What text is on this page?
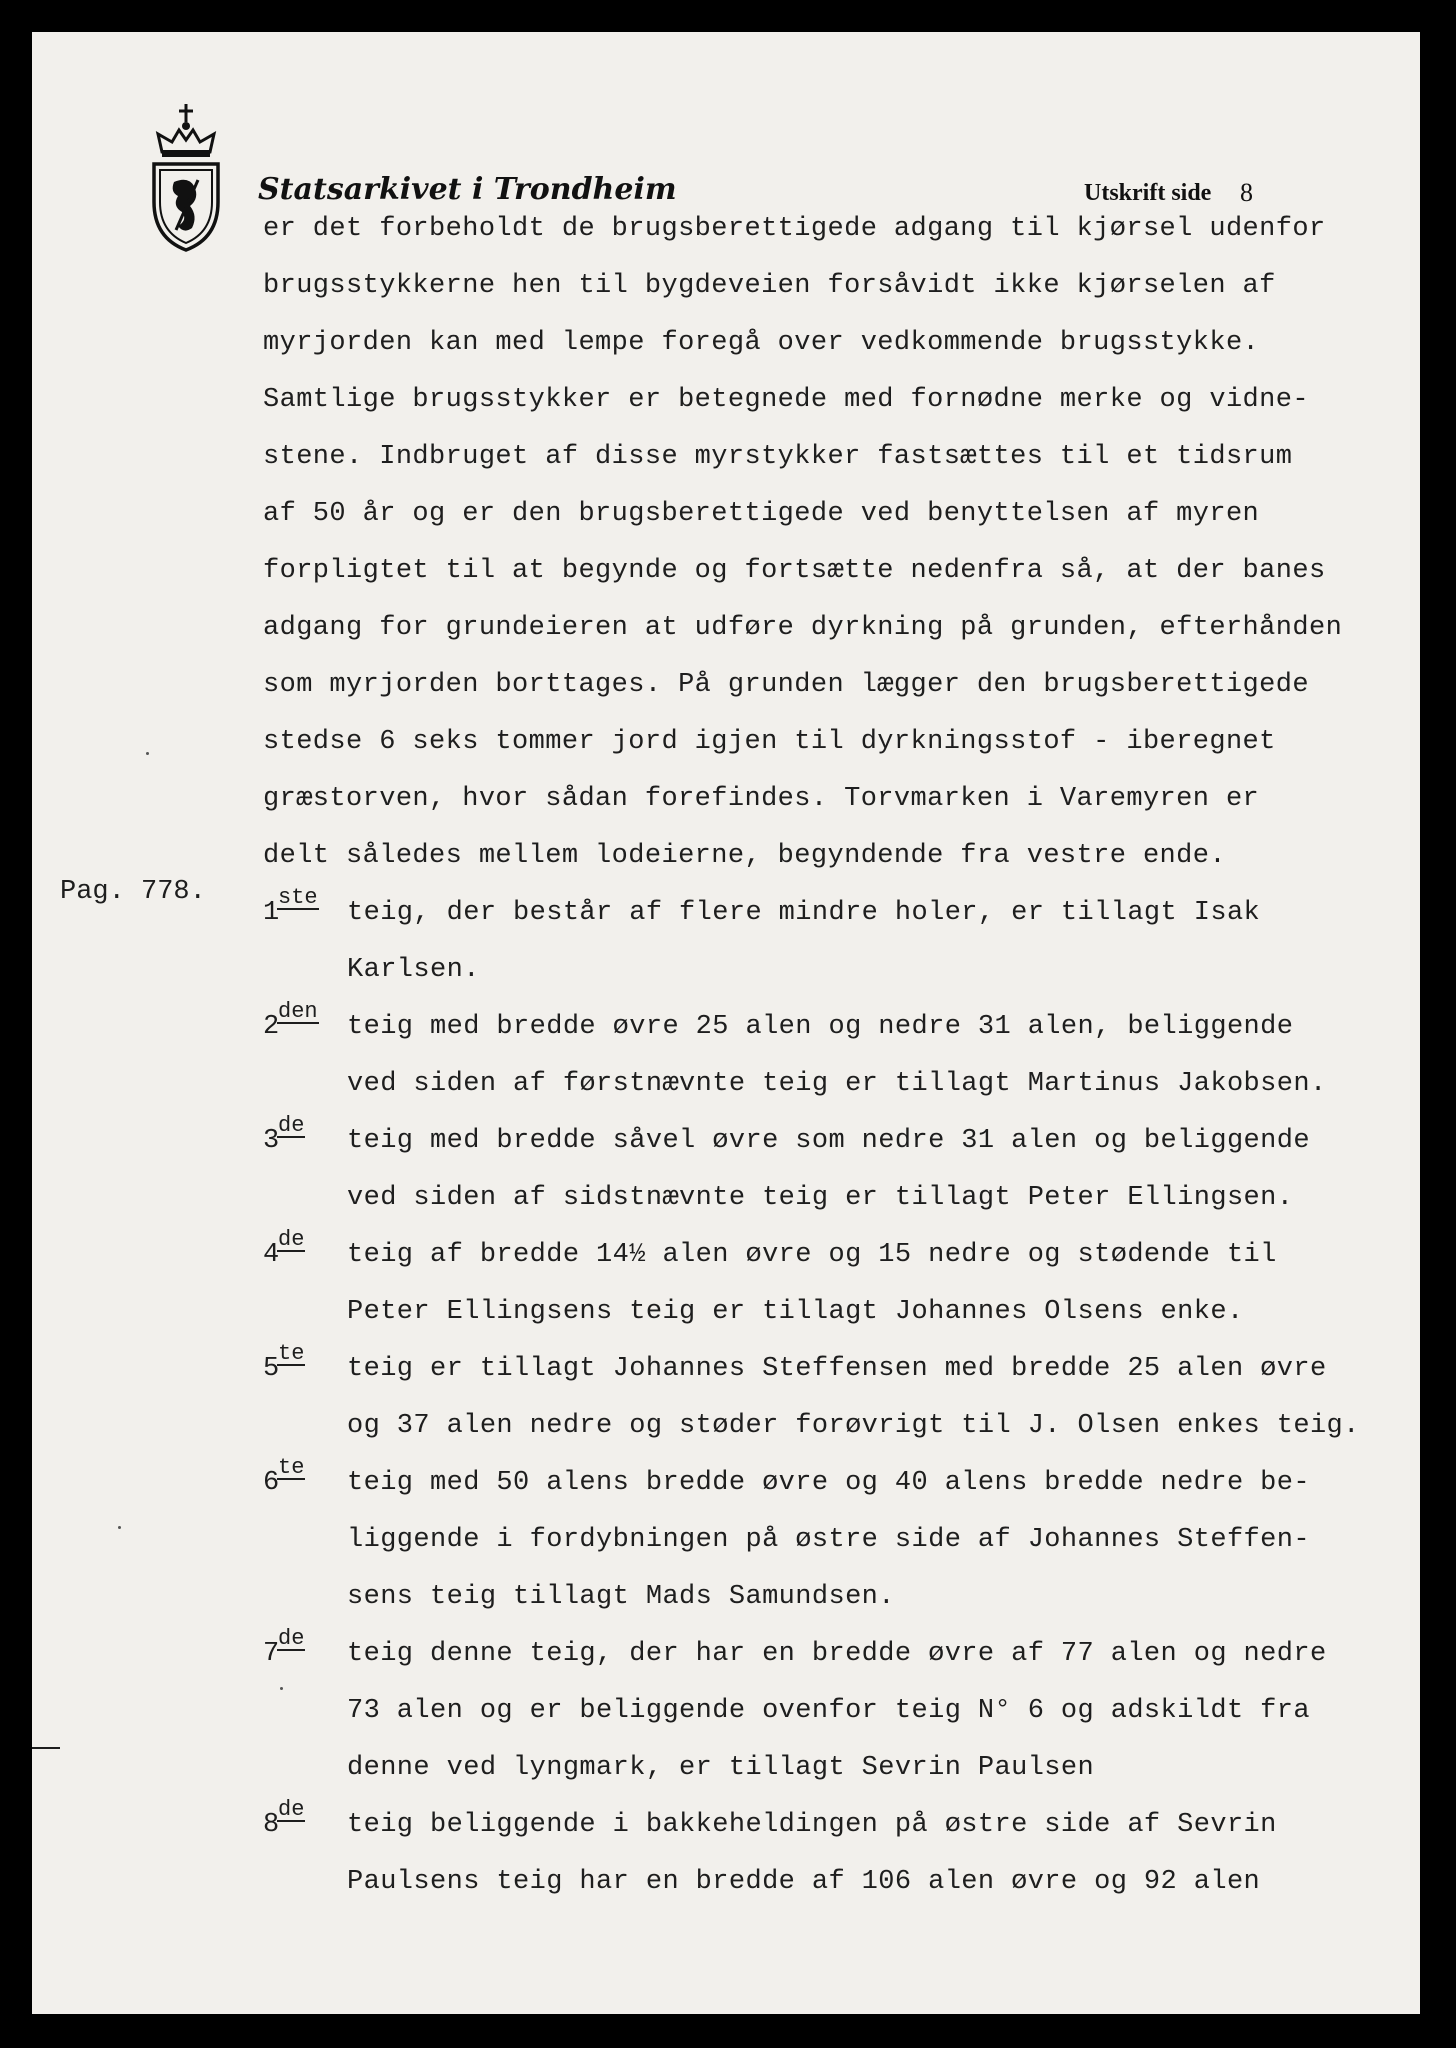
Statsarkivet i Trondheim	Utskrift side 8
er det forbeholdt de brugsberettigede adgang til kjørsel udenfor
brugsstykkerne hen til bygdeveien forsåvidt ikke kjørselen af
myrjorden kan med lempe foregå over vedkommende brugsstykke.
Samtlige brugsstykker er betegnede med fornødne merke og vidne-
stene. Indbruget af disse myrstykker fastsættes til et tidsrum
af 50 år og er den brugsberettigede ved benyttelsen af myren
forpligtet til at begynde og fortsætte nedenfra så, at der banes
adgang for grundeieren at udføre dyrkning på grunden, efterhånden
som myrjorden borttages. På grunden lægger den brugsberettigede
stedse 6 seks tommer jord igjen til dyrkningsstof - iberegnet
græstorven, hvor sådan forefindes. Torvmarken i Varemyren er
delt således mellem lodeierne, begyndende fra vestre ende.
Pag. 778.
1
ste
teig, der består af flere mindre holer, er tillagt Isak
Karlsen.
2
den
teig med bredde øvre 25 alen og nedre 31 alen, beliggende
ved siden af førstnævnte teig er tillagt Martinus Jakobsen.
3
de
teig med bredde såvel øvre som nedre 31 alen og beliggende
ved siden af sidstnævnte teig er tillagt Peter Ellingsen.
4
de
teig af bredde 14½ alen øvre og 15 nedre og stødende til
Peter Ellingsens teig er tillagt Johannes Olsens enke.
5
te
teig er tillagt Johannes Steffensen med bredde 25 alen øvre
og 37 alen nedre og støder forøvrigt til J. Olsen enkes teig.
6
te
teig med 50 alens bredde øvre og 40 alens bredde nedre be-
liggende i fordybningen på østre side af Johannes Steffen-
sens teig tillagt Mads Samundsen.
7
de
teig denne teig, der har en bredde øvre af 77 alen og nedre
73 alen og er beliggende ovenfor teig N° 6 og adskildt fra
denne ved lyngmark, er tillagt Sevrin Paulsen
8
de
teig beliggende i bakkeheldingen på østre side af Sevrin
Paulsens teig har en bredde af 106 alen øvre og 92 alen
